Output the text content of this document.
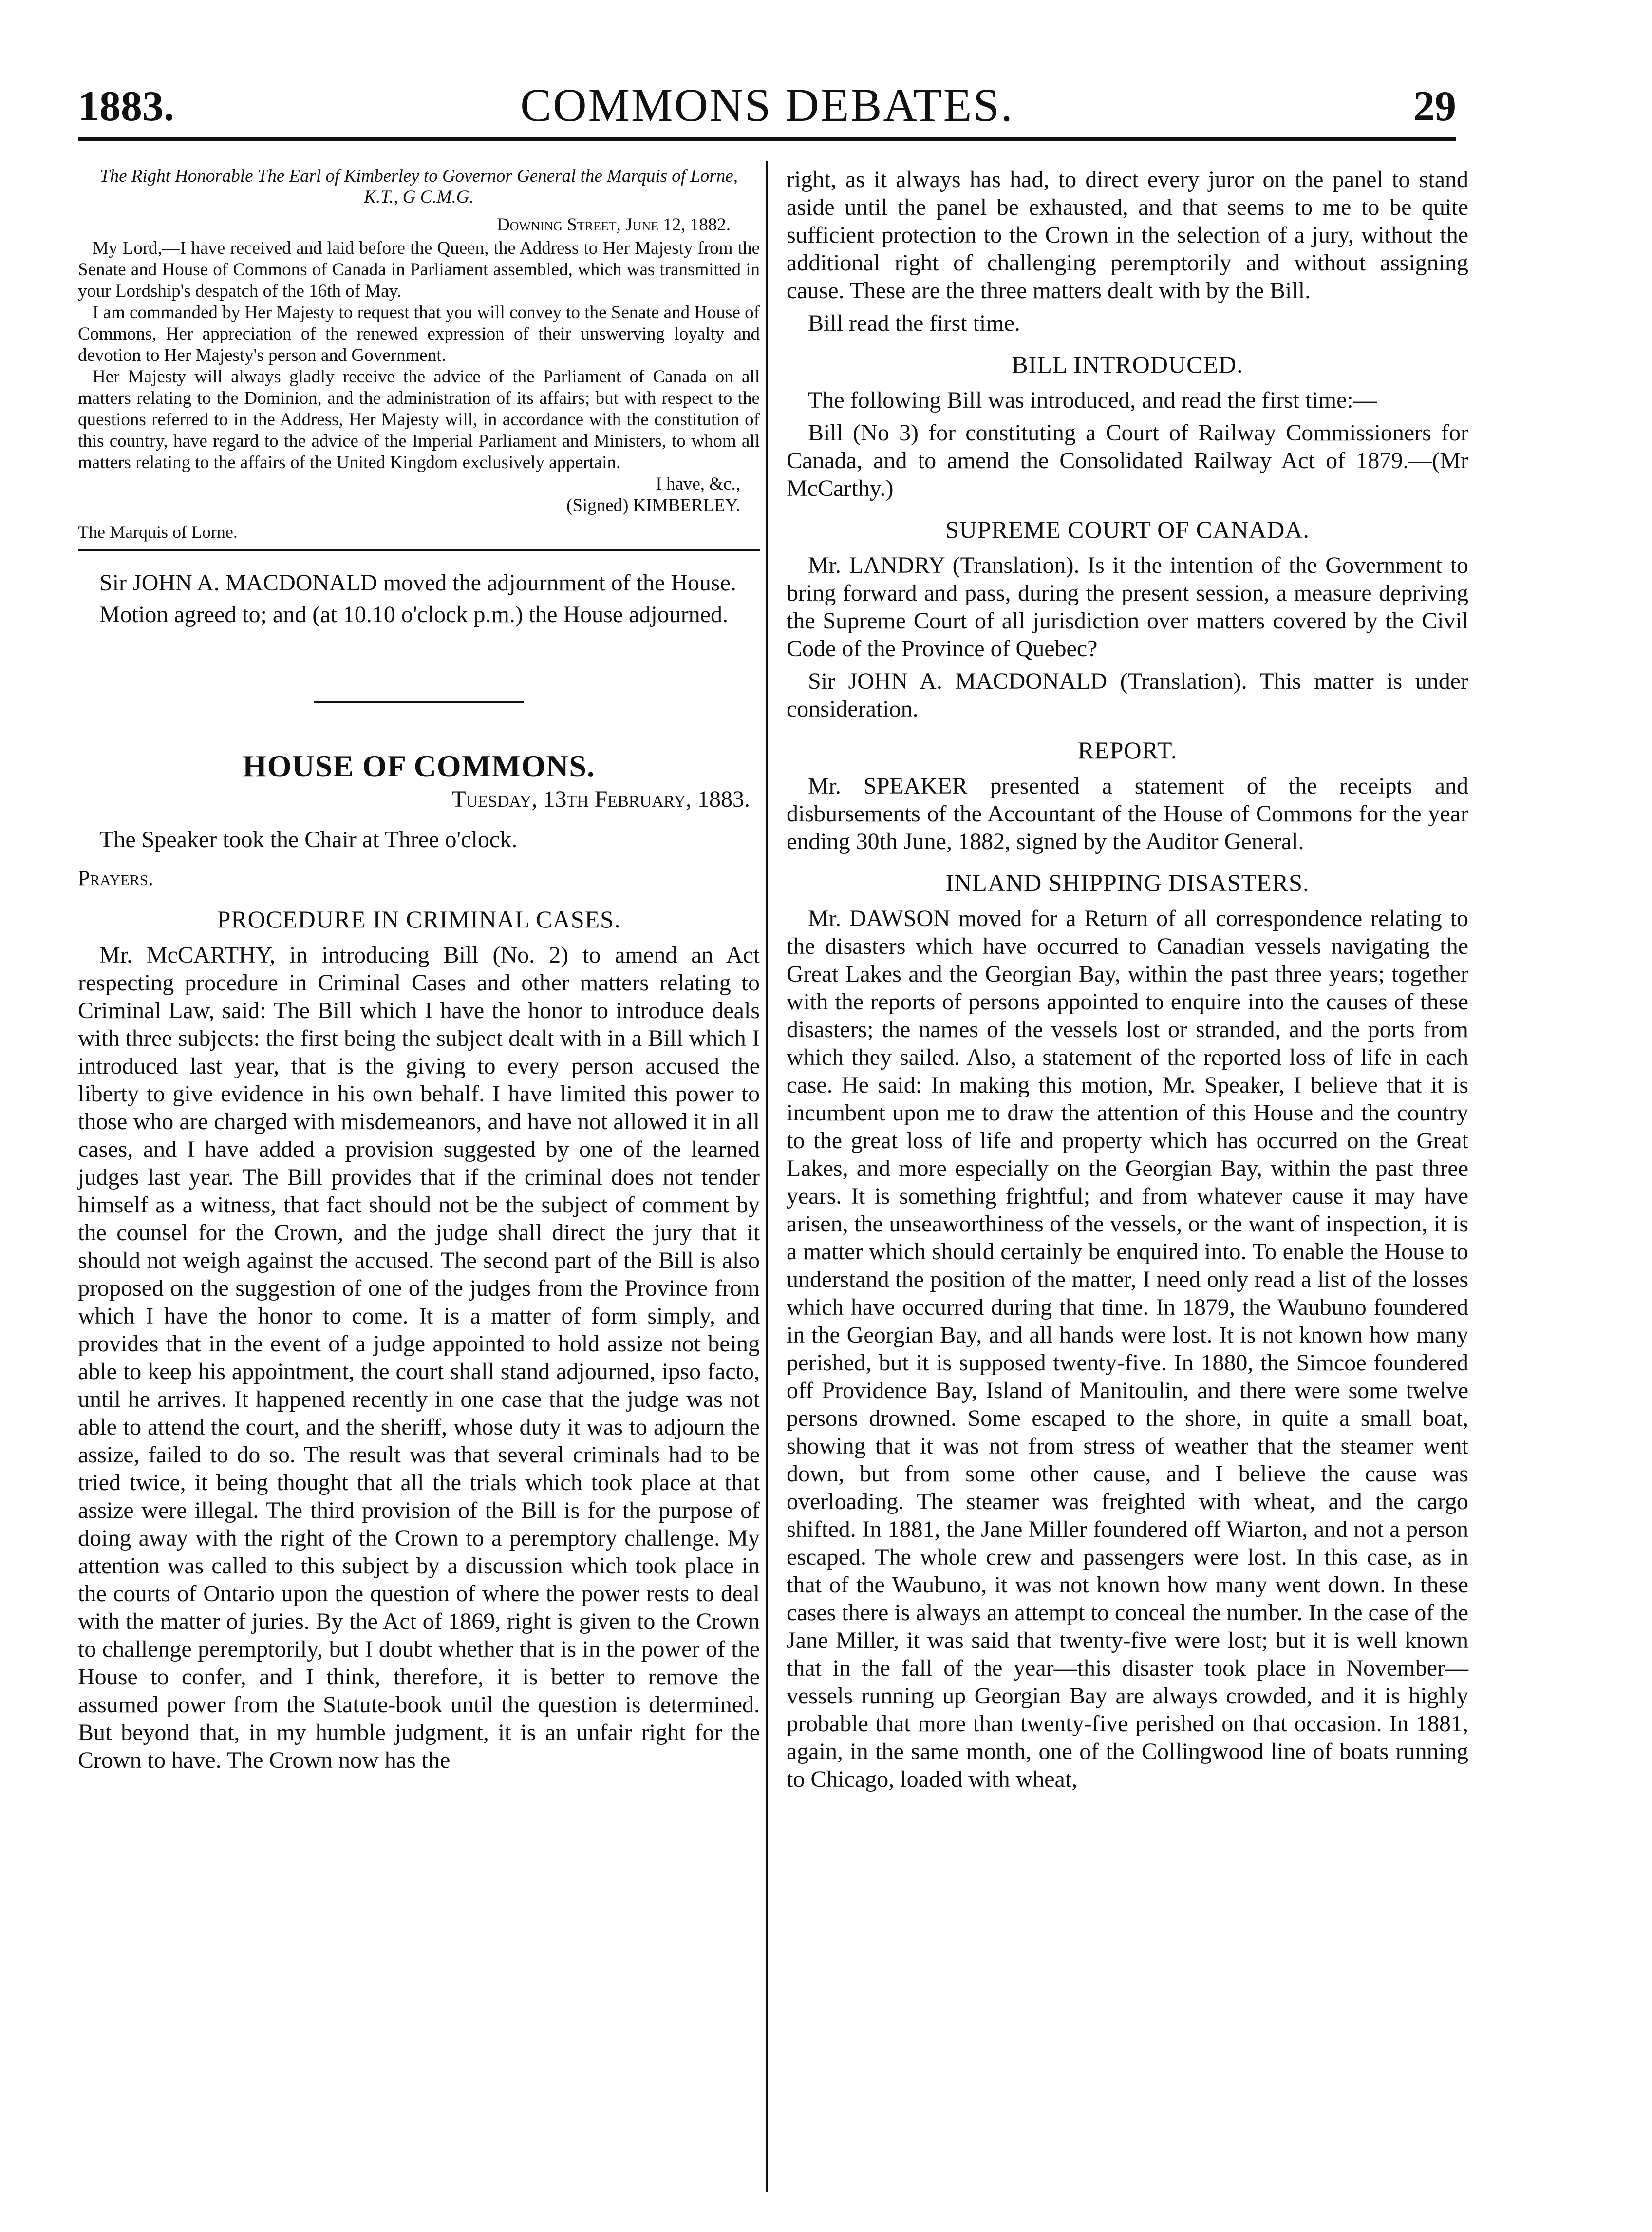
1883.	COMMONS DEBATES.	29
The Right Honorable The Earl of Kimberley to Governor General the Marquis of Lorne, K.T., G C.M.G.
Downing Street, June 12, 1882.

My Lord,—I have received and laid before the Queen, the Address to Her Majesty from the Senate and House of Commons of Canada in Parliament assembled, which was transmitted in your Lordship's despatch of the 16th of May.

I am commanded by Her Majesty to request that you will convey to the Senate and House of Commons, Her appreciation of the renewed expression of their unswerving loyalty and devotion to Her Majesty's person and Government.

Her Majesty will always gladly receive the advice of the Parliament of Canada on all matters relating to the Dominion, and the administration of its affairs; but with respect to the questions referred to in the Address, Her Majesty will, in accordance with the constitution of this country, have regard to the advice of the Imperial Parliament and Ministers, to whom all matters relating to the affairs of the United Kingdom exclusively appertain.

I have, &c.,
(Signed) KIMBERLEY.
The Marquis of Lorne.

Sir JOHN A. MACDONALD moved the adjournment of the House.

Motion agreed to; and (at 10.10 o'clock p.m.) the House adjourned.

HOUSE OF COMMONS.
Tuesday, 13th February, 1883.

The Speaker took the Chair at Three o'clock.

Prayers.
PROCEDURE IN CRIMINAL CASES.

Mr. McCARTHY, in introducing Bill (No. 2) to amend an Act respecting procedure in Criminal Cases and other matters relating to Criminal Law, said: The Bill which I have the honor to introduce deals with three subjects: the first being the subject dealt with in a Bill which I introduced last year, that is the giving to every person accused the liberty to give evidence in his own behalf. I have limited this power to those who are charged with misdemeanors, and have not allowed it in all cases, and I have added a provision suggested by one of the learned judges last year. The Bill provides that if the criminal does not tender himself as a witness, that fact should not be the subject of comment by the counsel for the Crown, and the judge shall direct the jury that it should not weigh against the accused. The second part of the Bill is also proposed on the suggestion of one of the judges from the Province from which I have the honor to come. It is a matter of form simply, and provides that in the event of a judge appointed to hold assize not being able to keep his appointment, the court shall stand adjourned, ipso facto, until he arrives. It happened recently in one case that the judge was not able to attend the court, and the sheriff, whose duty it was to adjourn the assize, failed to do so. The result was that several criminals had to be tried twice, it being thought that all the trials which took place at that assize were illegal. The third provision of the Bill is for the purpose of doing away with the right of the Crown to a peremptory challenge. My attention was called to this subject by a discussion which took place in the courts of Ontario upon the question of where the power rests to deal with the matter of juries. By the Act of 1869, right is given to the Crown to challenge peremptorily, but I doubt whether that is in the power of the House to confer, and I think, therefore, it is better to remove the assumed power from the Statute-book until the question is determined. But beyond that, in my humble judgment, it is an unfair right for the Crown to have. The Crown now has the

right, as it always has had, to direct every juror on the panel to stand aside until the panel be exhausted, and that seems to me to be quite sufficient protection to the Crown in the selection of a jury, without the additional right of challenging peremptorily and without assigning cause. These are the three matters dealt with by the Bill.

Bill read the first time.

BILL INTRODUCED.

The following Bill was introduced, and read the first time:—

Bill (No 3) for constituting a Court of Railway Commissioners for Canada, and to amend the Consolidated Railway Act of 1879.—(Mr McCarthy.)

SUPREME COURT OF CANADA.

Mr. LANDRY (Translation). Is it the intention of the Government to bring forward and pass, during the present session, a measure depriving the Supreme Court of all jurisdiction over matters covered by the Civil Code of the Province of Quebec?

Sir JOHN A. MACDONALD (Translation). This matter is under consideration.

REPORT.

Mr. SPEAKER presented a statement of the receipts and disbursements of the Accountant of the House of Commons for the year ending 30th June, 1882, signed by the Auditor General.

INLAND SHIPPING DISASTERS.

Mr. DAWSON moved for a Return of all correspondence relating to the disasters which have occurred to Canadian vessels navigating the Great Lakes and the Georgian Bay, within the past three years; together with the reports of persons appointed to enquire into the causes of these disasters; the names of the vessels lost or stranded, and the ports from which they sailed. Also, a statement of the reported loss of life in each case. He said: In making this motion, Mr. Speaker, I believe that it is incumbent upon me to draw the attention of this House and the country to the great loss of life and property which has occurred on the Great Lakes, and more especially on the Georgian Bay, within the past three years. It is something frightful; and from whatever cause it may have arisen, the unseaworthiness of the vessels, or the want of inspection, it is a matter which should certainly be enquired into. To enable the House to understand the position of the matter, I need only read a list of the losses which have occurred during that time. In 1879, the Waubuno foundered in the Georgian Bay, and all hands were lost. It is not known how many perished, but it is supposed twenty-five. In 1880, the Simcoe foundered off Providence Bay, Island of Manitoulin, and there were some twelve persons drowned. Some escaped to the shore, in quite a small boat, showing that it was not from stress of weather that the steamer went down, but from some other cause, and I believe the cause was overloading. The steamer was freighted with wheat, and the cargo shifted. In 1881, the Jane Miller foundered off Wiarton, and not a person escaped. The whole crew and passengers were lost. In this case, as in that of the Waubuno, it was not known how many went down. In these cases there is always an attempt to conceal the number. In the case of the Jane Miller, it was said that twenty-five were lost; but it is well known that in the fall of the year—this disaster took place in November—vessels running up Georgian Bay are always crowded, and it is highly probable that more than twenty-five perished on that occasion. In 1881, again, in the same month, one of the Collingwood line of boats running to Chicago, loaded with wheat,
